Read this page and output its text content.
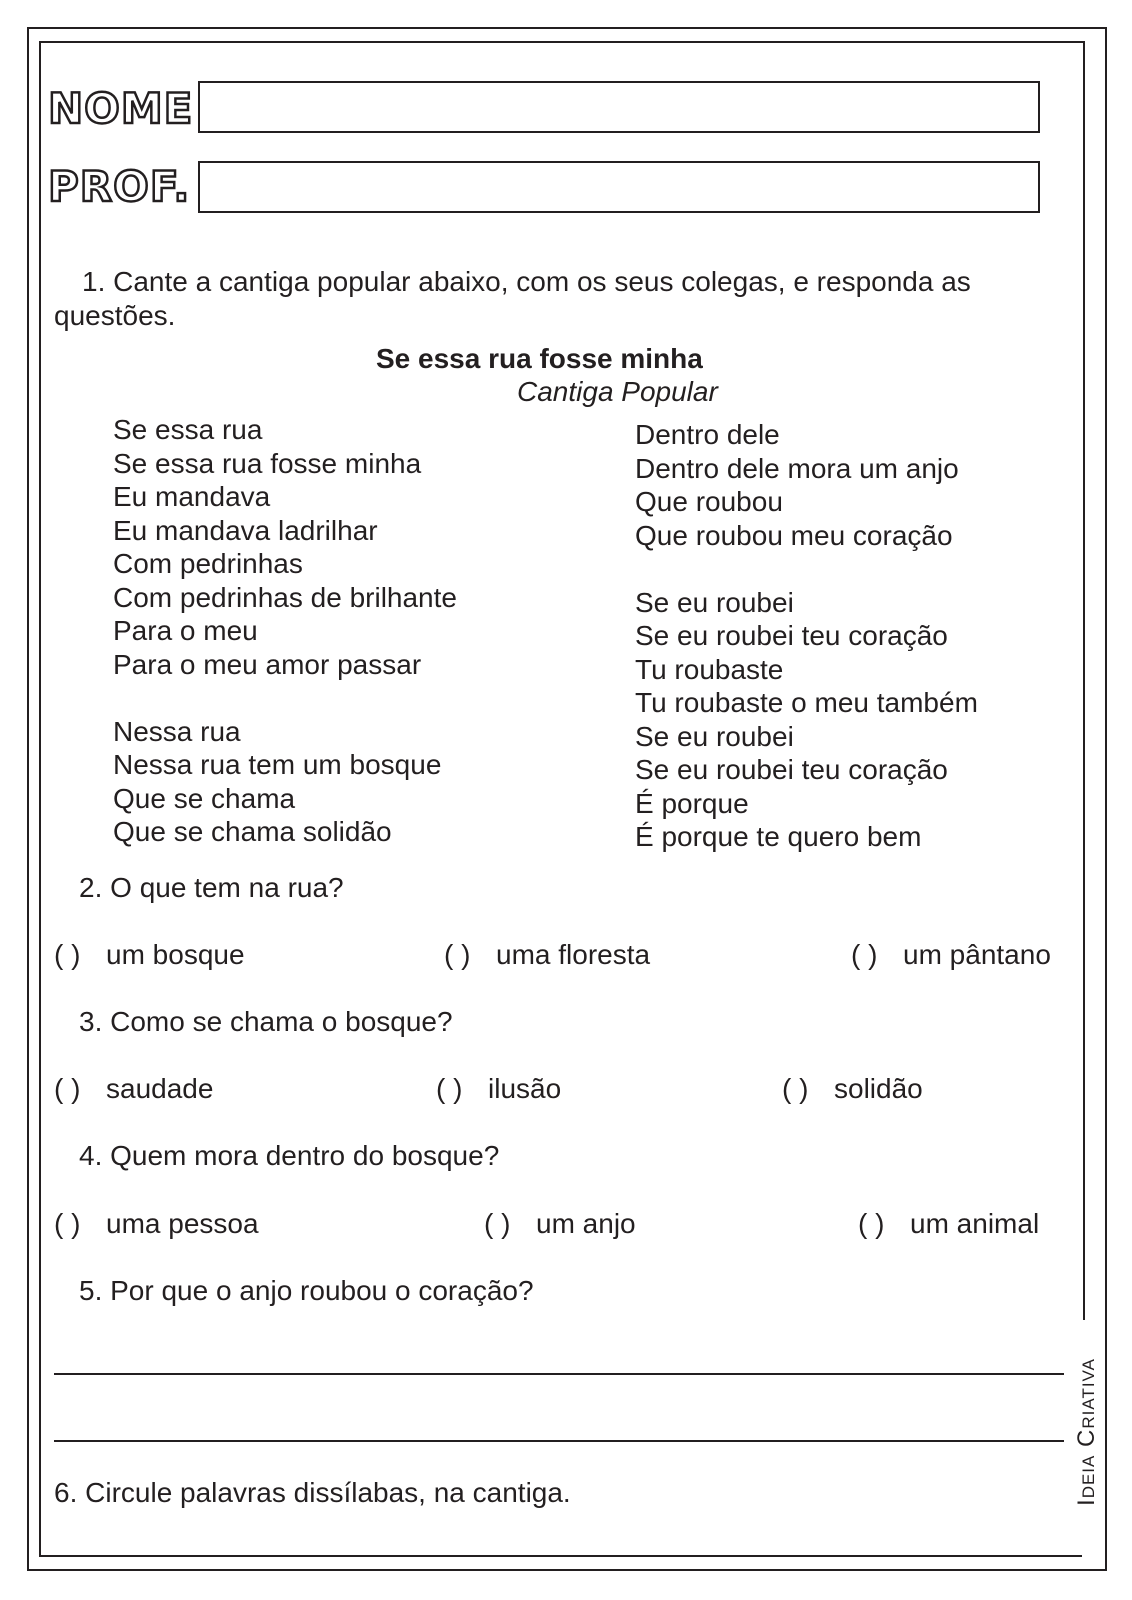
Ideia Criativa
NOME
PROF.
1. Cante a cantiga popular abaixo, com os seus colegas, e responda as questões.
Se essa rua fosse minha
Cantiga Popular
Se essa rua
Se essa rua fosse minha
Eu mandava
Eu mandava ladrilhar
Com pedrinhas
Com pedrinhas de brilhante
Para o meu
Para o meu amor passar
Nessa rua
Nessa rua tem um bosque
Que se chama
Que se chama solidão
Dentro dele
Dentro dele mora um anjo
Que roubou
Que roubou meu coração
Se eu roubei
Se eu roubei teu coração
Tu roubaste
Tu roubaste o meu também
Se eu roubei
Se eu roubei teu coração
É porque
É porque te quero bem
2. O que tem na rua?
( ) um bosque	( ) uma floresta	( ) um pântano
3. Como se chama o bosque?
( ) saudade	( ) ilusão	( ) solidão
4. Quem mora dentro do bosque?
( ) uma pessoa	( ) um anjo	( ) um animal
5. Por que o anjo roubou o coração?
6. Circule palavras dissílabas, na cantiga.
